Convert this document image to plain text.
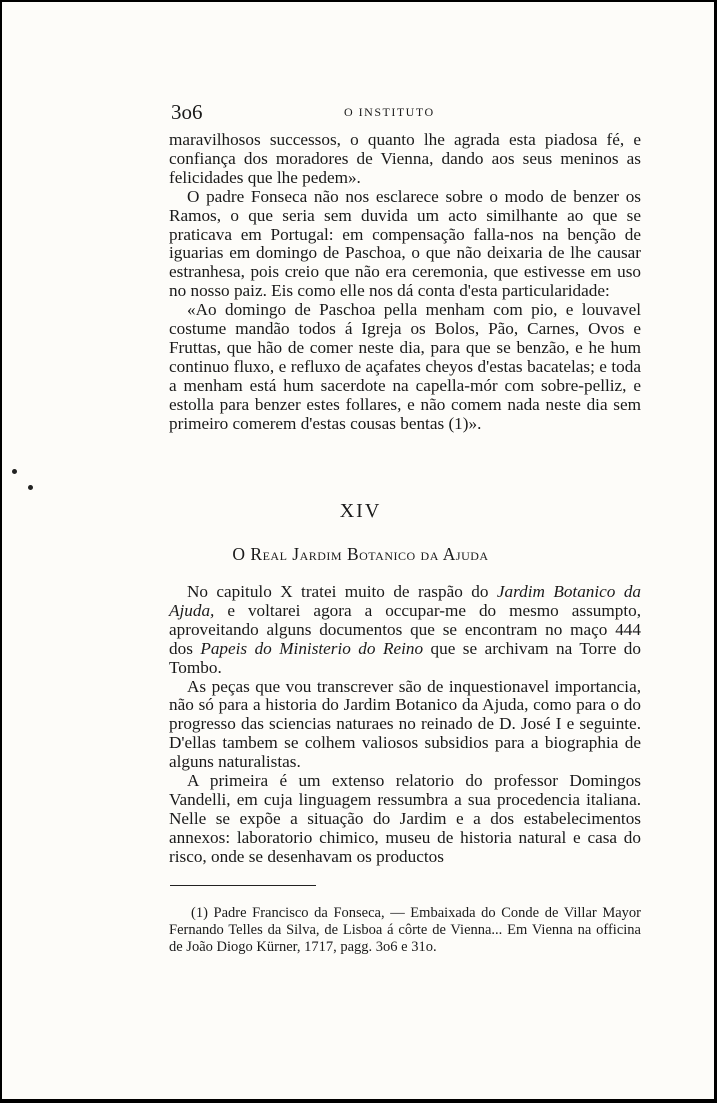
3o6	O INSTITUTO

maravilhosos successos, o quanto lhe agrada esta piadosa fé, e confiança dos moradores de Vienna, dando aos seus meninos as felicidades que lhe pedem».

O padre Fonseca não nos esclarece sobre o modo de benzer os Ramos, o que seria sem duvida um acto similhante ao que se praticava em Portugal: em compensação falla-nos na benção de iguarias em domingo de Paschoa, o que não deixaria de lhe causar estranhesa, pois creio que não era ceremonia, que estivesse em uso no nosso paiz. Eis como elle nos dá conta d'esta particularidade:

«Ao domingo de Paschoa pella menham com pio, e louvavel costume mandão todos á Igreja os Bolos, Pão, Carnes, Ovos e Fruttas, que hão de comer neste dia, para que se benzão, e he hum continuo fluxo, e refluxo de açafates cheyos d'estas bacatelas; e toda a menham está hum sacerdote na capella-mór com sobre-pelliz, e estolla para benzer estes follares, e não comem nada neste dia sem primeiro comerem d'estas cousas bentas (1)».

XIV
O Real Jardim Botanico da Ajuda

No capitulo X tratei muito de raspão do Jardim Botanico da Ajuda, e voltarei agora a occupar-me do mesmo assumpto, aproveitando alguns documentos que se encontram no maço 444 dos Papeis do Ministerio do Reino que se archivam na Torre do Tombo.

As peças que vou transcrever são de inquestionavel importancia, não só para a historia do Jardim Botanico da Ajuda, como para o do progresso das sciencias naturaes no reinado de D. José I e seguinte. D'ellas tambem se colhem valiosos subsidios para a biographia de alguns naturalistas.

A primeira é um extenso relatorio do professor Domingos Vandelli, em cuja linguagem ressumbra a sua procedencia italiana. Nelle se expõe a situação do Jardim e a dos estabelecimentos annexos: laboratorio chimico, museu de historia natural e casa do risco, onde se desenhavam os productos

(1) Padre Francisco da Fonseca, — Embaixada do Conde de Villar Mayor Fernando Telles da Silva, de Lisboa á côrte de Vienna... Em Vienna na officina de João Diogo Kürner, 1717, pagg. 3o6 e 31o.
